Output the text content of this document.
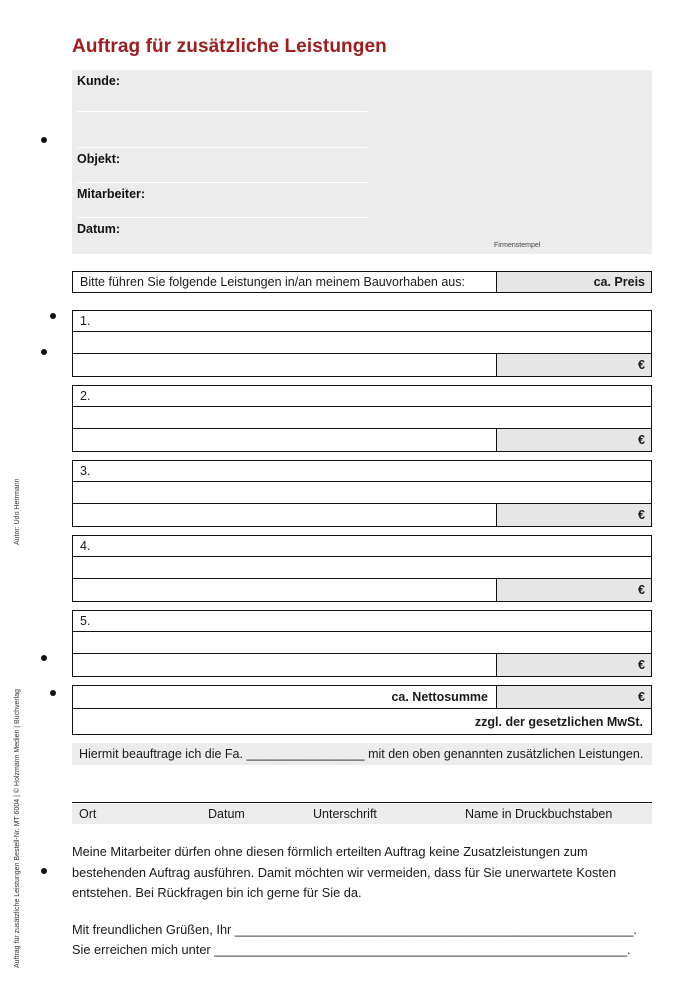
Auftrag für zusätzliche Leistungen
Autor: Udo Herrmann
Auftrag für zusätzliche Leistungen Bestell-Nr. MT 6004 | © Holzmann Medien | Buchverlag
Kunde:
Objekt:
Mitarbeiter:
Datum:
Firmenstempel
Bitte führen Sie folgende Leistungen in/an meinem Bauvorhaben aus:	ca. Preis
1.
€
2.
€
3.
€
4.
€
5.
€
ca. Nettosumme	€
zzgl. der gesetzlichen MwSt.
Hiermit beauftrage ich die Fa. _________________ mit den oben genannten zusätzlichen Leistungen.
Ort	Datum	Unterschrift	Name in Druckbuchstaben
Meine Mitarbeiter dürfen ohne diesen förmlich erteilten Auftrag keine Zusatzleistungen zum bestehenden Auftrag ausführen. Damit möchten wir vermeiden, dass für Sie unerwartete Kosten entstehen. Bei Rückfragen bin ich gerne für Sie da.
Mit freundlichen Grüßen, Ihr ________________________________________________________.
Sie erreichen mich unter __________________________________________________________.
